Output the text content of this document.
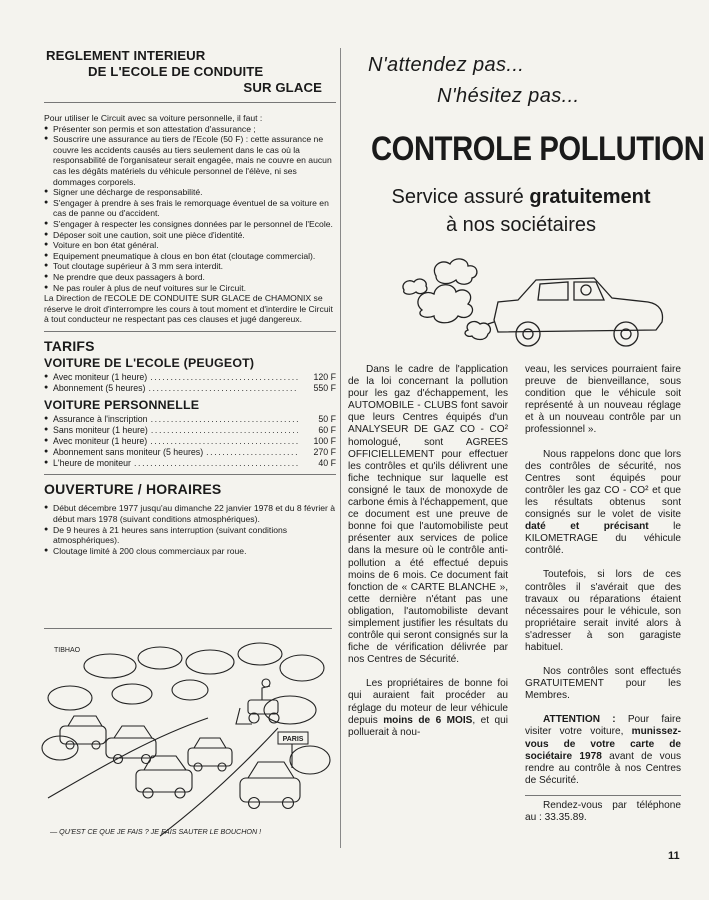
REGLEMENT INTERIEUR
DE L'ECOLE DE CONDUITE
SUR GLACE

Pour utiliser le Circuit avec sa voiture personnelle, il faut :

● Présenter son permis et son attestation d'assurance ;
● Souscrire une assurance au tiers de l'Ecole (50 F) : cette assurance ne couvre les accidents causés au tiers seulement dans le cas où la responsabilité de l'organisateur serait engagée, mais ne couvre en aucun cas les dégâts matériels du véhicule personnel de l'élève, ni ses dommages corporels.
● Signer une décharge de responsabilité.
● S'engager à prendre à ses frais le remorquage éventuel de sa voiture en cas de panne ou d'accident.
● S'engager à respecter les consignes données par le personnel de l'Ecole.
● Déposer soit une caution, soit une pièce d'identité.
● Voiture en bon état général.
● Equipement pneumatique à clous en bon état (cloutage commercial).
● Tout cloutage supérieur à 3 mm sera interdit.
● Ne prendre que deux passagers à bord.
● Ne pas rouler à plus de neuf voitures sur le Circuit.

La Direction de l'ECOLE DE CONDUITE SUR GLACE de CHAMONIX se réserve le droit d'interrompre les cours à tout moment et d'interdire le Circuit à tout conducteur ne respectant pas ces clauses et jugé dangereux.

TARIFS
VOITURE DE L'ECOLE (PEUGEOT)
● Avec moniteur (1 heure) .....	120 F
● Abonnement (5 heures) .....	550 F
VOITURE PERSONNELLE
● Assurance à l'inscription .....	50 F
● Sans moniteur (1 heure) .....	60 F
● Avec moniteur (1 heure) .....	100 F
● Abonnement sans moniteur (5 heures) .....	270 F
● L'heure de moniteur .....	40 F
OUVERTURE / HORAIRES
● Début décembre 1977 jusqu'au dimanche 22 janvier 1978 et du 8 février à début mars 1978 (suivant conditions atmosphériques).
● De 9 heures à 21 heures sans interruption (suivant conditions atmosphériques).
● Cloutage limité à 200 clous commerciaux par roue.
PARIS
TIBHAO
— QU'EST CE QUE JE FAIS ? JE FAIS SAUTER LE BOUCHON !
N'attendez pas...
N'hésitez pas...
CONTROLE POLLUTION
Service assuré gratuitement
à nos sociétaires

Dans le cadre de l'application de la loi concernant la pollution pour les gaz d'échappement, les AUTOMOBILE - CLUBS font savoir que leurs Centres équipés d'un ANALYSEUR DE GAZ CO - CO² homologué, sont AGREES OFFICIELLEMENT pour effectuer les contrôles et qu'ils délivrent une fiche technique sur laquelle est consigné le taux de monoxyde de carbone émis à l'échappement, que ce document est une preuve de bonne foi que l'automobiliste peut présenter aux services de police dans la mesure où le contrôle anti-pollution a été effectué depuis moins de 6 mois. Ce document fait fonction de « CARTE BLANCHE », cette dernière n'étant pas une obligation, l'automobiliste devant simplement justifier les résultats du contrôle qui seront consignés sur la fiche de vérification délivrée par nos Centres de Sécurité.

Les propriétaires de bonne foi qui auraient fait procéder au réglage du moteur de leur véhicule depuis moins de 6 MOIS, et qui polluerait à nou-

veau, les services pourraient faire preuve de bienveillance, sous condition que le véhicule soit représenté à un nouveau réglage et à un nouveau contrôle par un professionnel ».

Nous rappelons donc que lors des contrôles de sécurité, nos Centres sont équipés pour contrôler les gaz CO - CO² et que les résultats obtenus sont consignés sur le volet de visite daté et précisant le KILOMETRAGE du véhicule contrôlé.

Toutefois, si lors de ces contrôles il s'avérait que des travaux ou réparations étaient nécessaires pour le véhicule, son propriétaire serait invité alors à s'adresser à son garagiste habituel.

Nos contrôles sont effectués GRATUITEMENT pour les Membres.

ATTENTION : Pour faire visiter votre voiture, munissez-vous de votre carte de sociétaire 1978 avant de vous rendre au contrôle à nos Centres de Sécurité.

Rendez-vous par téléphone au : 33.35.89.

11
